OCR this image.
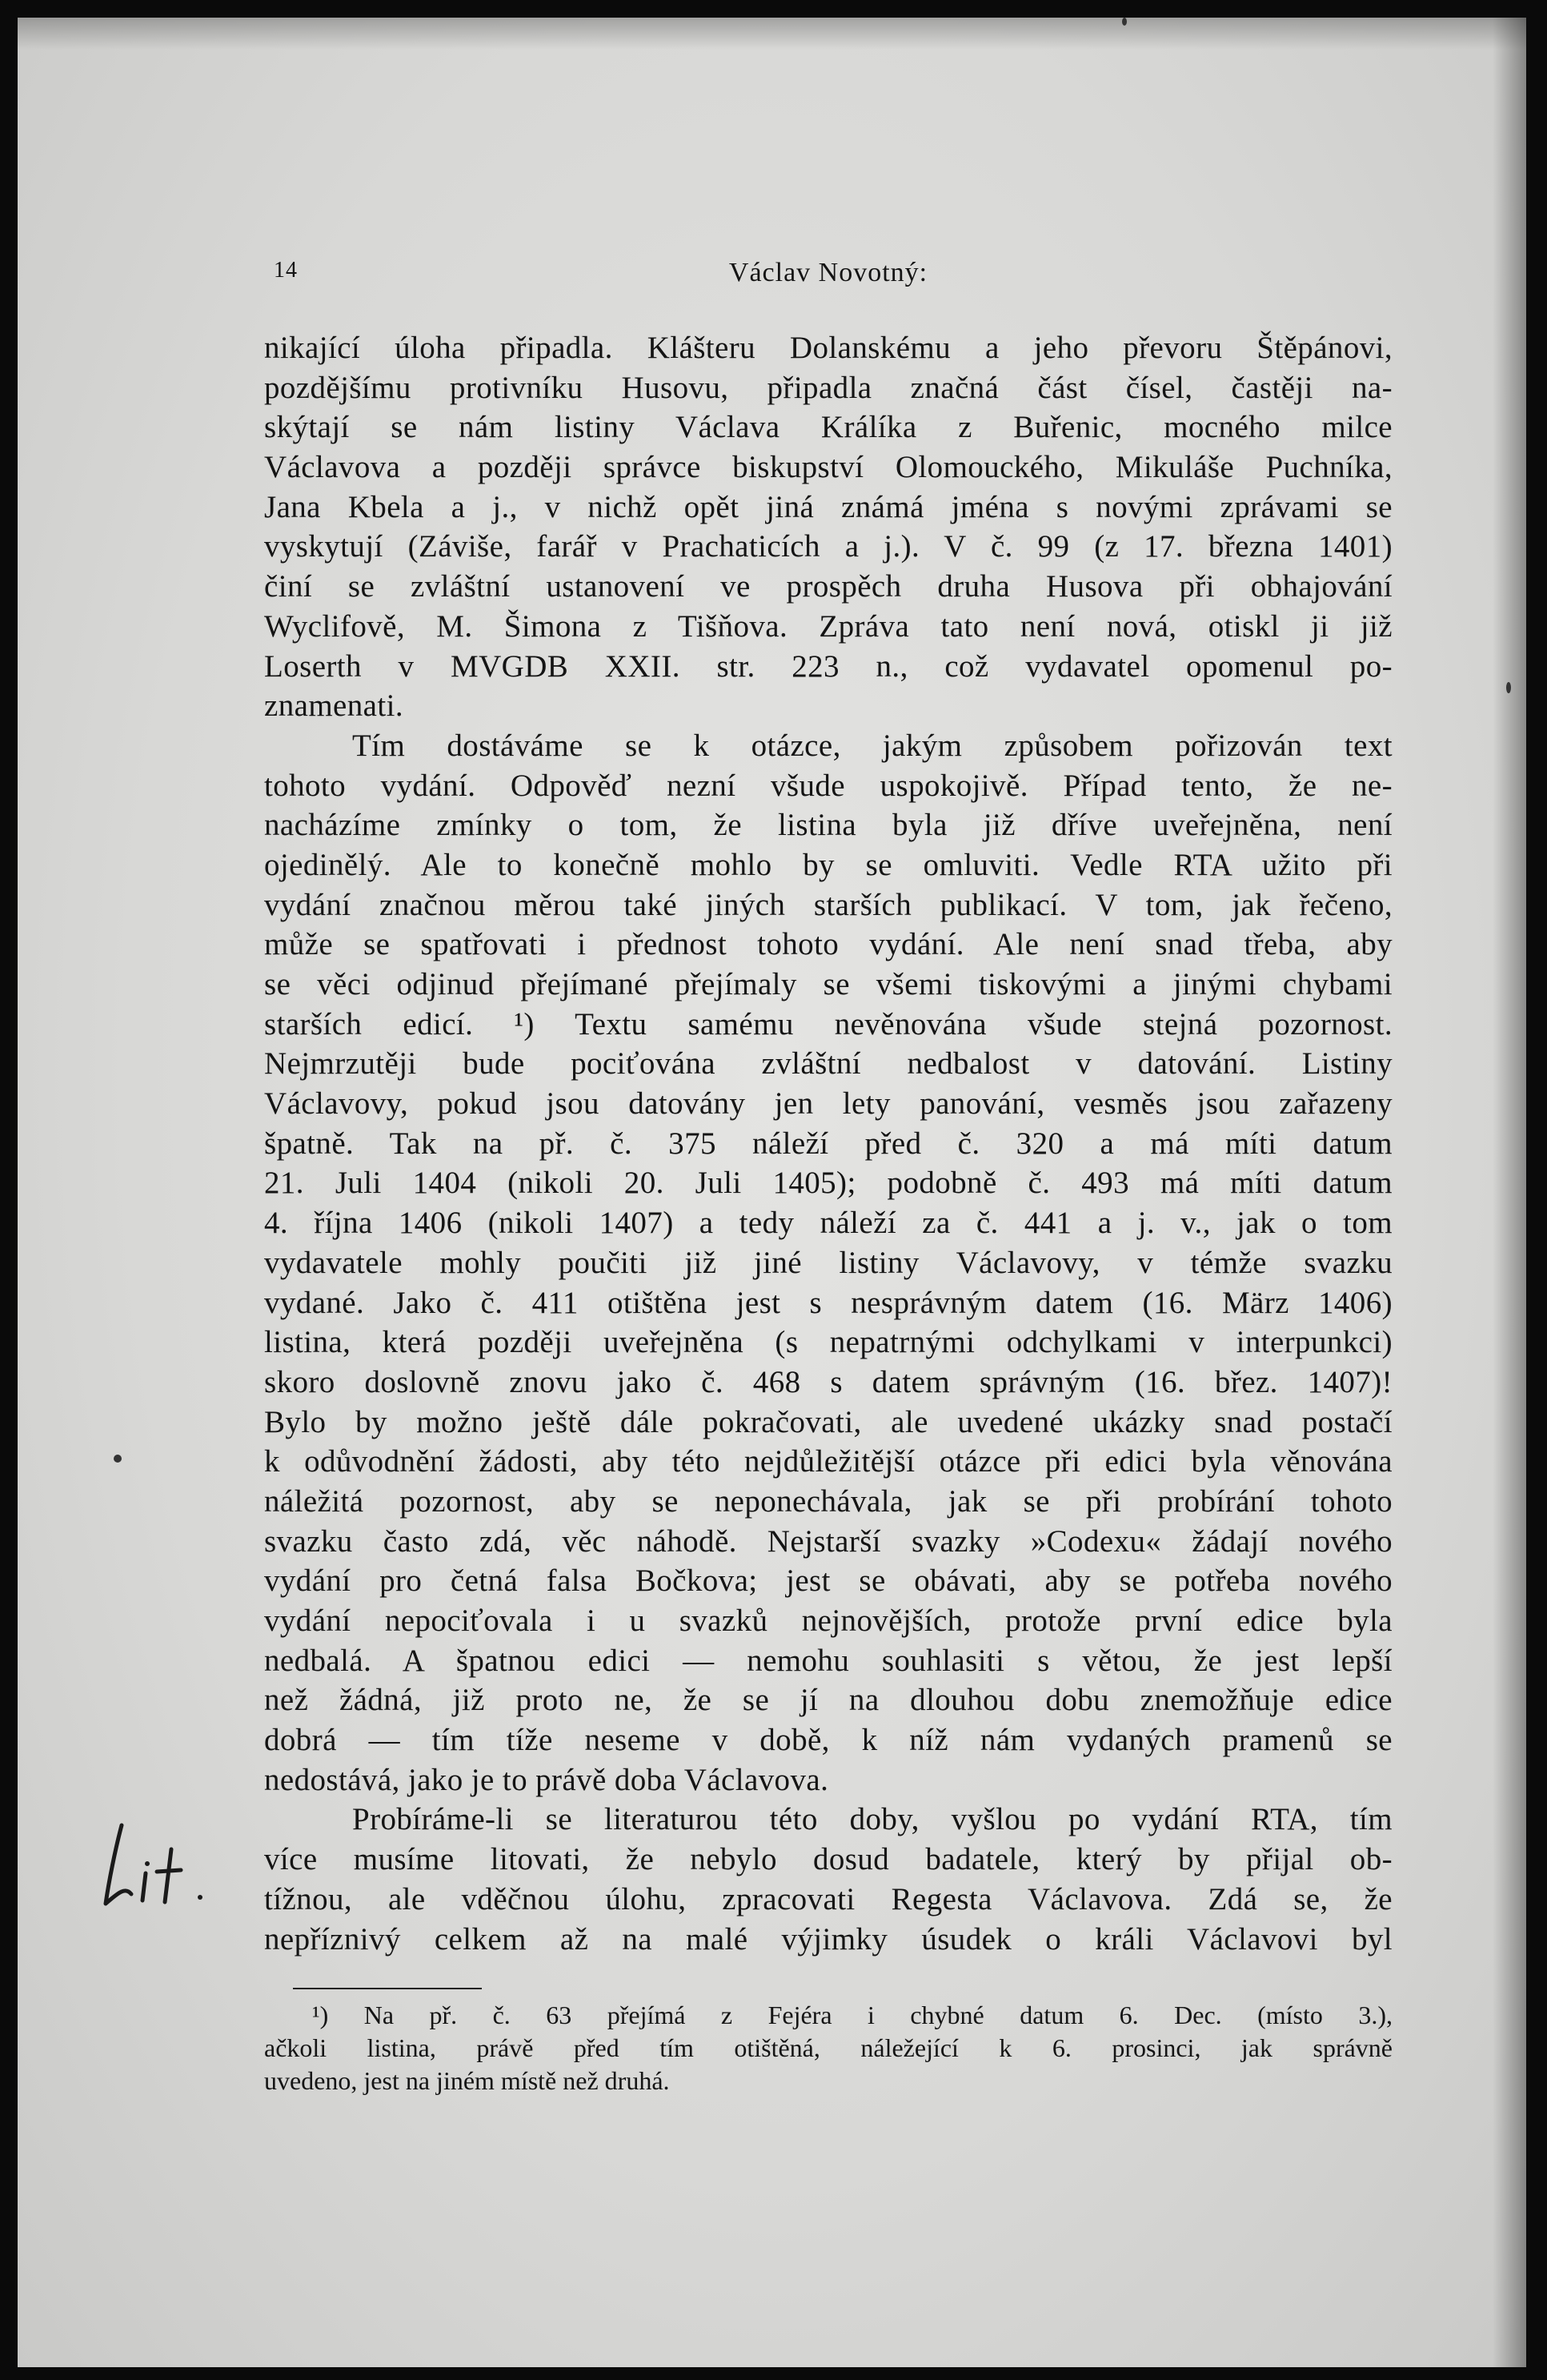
14	Václav Novotný:
nikající úloha připadla. Klášteru Dolanskému a jeho převoru Štěpánovi,
pozdějšímu protivníku Husovu, připadla značná část čísel, častěji na-
skýtají se nám listiny Václava Králíka z Buřenic, mocného milce
Václavova a později správce biskupství Olomouckého, Mikuláše Puchníka,
Jana Kbela a j., v nichž opět jiná známá jména s novými zprávami se
vyskytují (Záviše, farář v Prachaticích a j.). V č. 99 (z 17. března 1401)
činí se zvláštní ustanovení ve prospěch druha Husova při obhajování
Wyclifově, M. Šimona z Tišňova. Zpráva tato není nová, otiskl ji již
Loserth v MVGDB XXII. str. 223 n., což vydavatel opomenul po-
znamenati.
Tím dostáváme se k otázce, jakým způsobem pořizován text
tohoto vydání. Odpověď nezní všude uspokojivě. Případ tento, že ne-
nacházíme zmínky o tom, že listina byla již dříve uveřejněna, není
ojedinělý. Ale to konečně mohlo by se omluviti. Vedle RTA užito při
vydání značnou měrou také jiných starších publikací. V tom, jak řečeno,
může se spatřovati i přednost tohoto vydání. Ale není snad třeba, aby
se věci odjinud přejímané přejímaly se všemi tiskovými a jinými chybami
starších edicí. ¹) Textu samému nevěnována všude stejná pozornost.
Nejmrzutěji bude pociťována zvláštní nedbalost v datování. Listiny
Václavovy, pokud jsou datovány jen lety panování, vesměs jsou zařazeny
špatně. Tak na př. č. 375 náleží před č. 320 a má míti datum
21. Juli 1404 (nikoli 20. Juli 1405); podobně č. 493 má míti datum
4. října 1406 (nikoli 1407) a tedy náleží za č. 441 a j. v., jak o tom
vydavatele mohly poučiti již jiné listiny Václavovy, v témže svazku
vydané. Jako č. 411 otištěna jest s nesprávným datem (16. März 1406)
listina, která později uveřejněna (s nepatrnými odchylkami v interpunkci)
skoro doslovně znovu jako č. 468 s datem správným (16. břez. 1407)!
Bylo by možno ještě dále pokračovati, ale uvedené ukázky snad postačí
k odůvodnění žádosti, aby této nejdůležitější otázce při edici byla věnována
náležitá pozornost, aby se neponechávala, jak se při probírání tohoto
svazku často zdá, věc náhodě. Nejstarší svazky »Codexu« žádají nového
vydání pro četná falsa Bočkova; jest se obávati, aby se potřeba nového
vydání nepociťovala i u svazků nejnovějších, protože první edice byla
nedbalá. A špatnou edici — nemohu souhlasiti s větou, že jest lepší
než žádná, již proto ne, že se jí na dlouhou dobu znemožňuje edice
dobrá — tím tíže neseme v době, k níž nám vydaných pramenů se
nedostává, jako je to právě doba Václavova.
Probíráme-li se literaturou této doby, vyšlou po vydání RTA, tím
více musíme litovati, že nebylo dosud badatele, který by přijal ob-
tížnou, ale vděčnou úlohu, zpracovati Regesta Václavova. Zdá se, že
nepříznivý celkem až na malé výjimky úsudek o králi Václavovi byl
¹) Na př. č. 63 přejímá z Fejéra i chybné datum 6. Dec. (místo 3.),
ačkoli listina, právě před tím otištěná, náležející k 6. prosinci, jak správně
uvedeno, jest na jiném místě než druhá.
